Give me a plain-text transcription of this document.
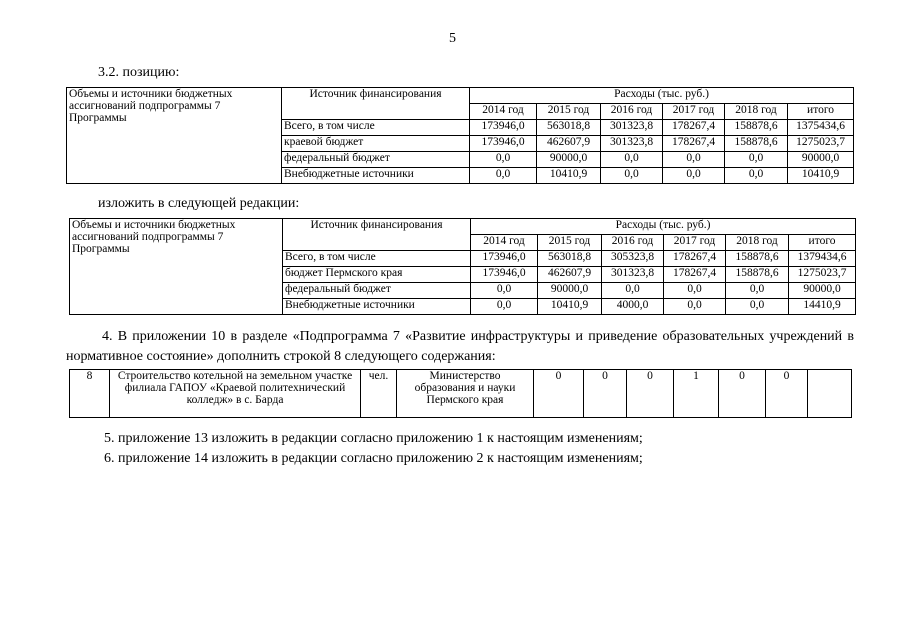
5
3.2. позицию:
Объемы и источники бюджетных ассигнований подпрограммы 7 Программы	Источник финансирования	Расходы (тыс. руб.)					
		2014 год	2015 год	2016 год	2017 год	2018 год	итого
	Всего, в том числе	173946,0	563018,8	301323,8	178267,4	158878,6	1375434,6
	краевой бюджет	173946,0	462607,9	301323,8	178267,4	158878,6	1275023,7
	федеральный бюджет	0,0	90000,0	0,0	0,0	0,0	90000,0
	Внебюджетные источники	0,0	10410,9	0,0	0,0	0,0	10410,9
изложить в следующей редакции:
Объемы и источники бюджетных ассигнований подпрограммы 7 Программы	Источник финансирования	Расходы (тыс. руб.)					
		2014 год	2015 год	2016 год	2017 год	2018 год	итого
	Всего, в том числе	173946,0	563018,8	305323,8	178267,4	158878,6	1379434,6
	бюджет Пермского края	173946,0	462607,9	301323,8	178267,4	158878,6	1275023,7
	федеральный бюджет	0,0	90000,0	0,0	0,0	0,0	90000,0
	Внебюджетные источники	0,0	10410,9	4000,0	0,0	0,0	14410,9
4. В приложении 10 в разделе «Подпрограмма 7 «Развитие инфраструктуры и приведение образовательных учреждений в нормативное состояние» дополнить строкой 8 следующего содержания:
8	Строительство котельной на земельном участке филиала ГАПОУ «Краевой политехнический колледж» в с. Барда	чел.	Министерство образования и науки Пермского края	0	0	0	1	0	0	
5. приложение 13 изложить в редакции согласно приложению 1 к настоящим изменениям;
6. приложение 14 изложить в редакции согласно приложению 2 к настоящим изменениям;
